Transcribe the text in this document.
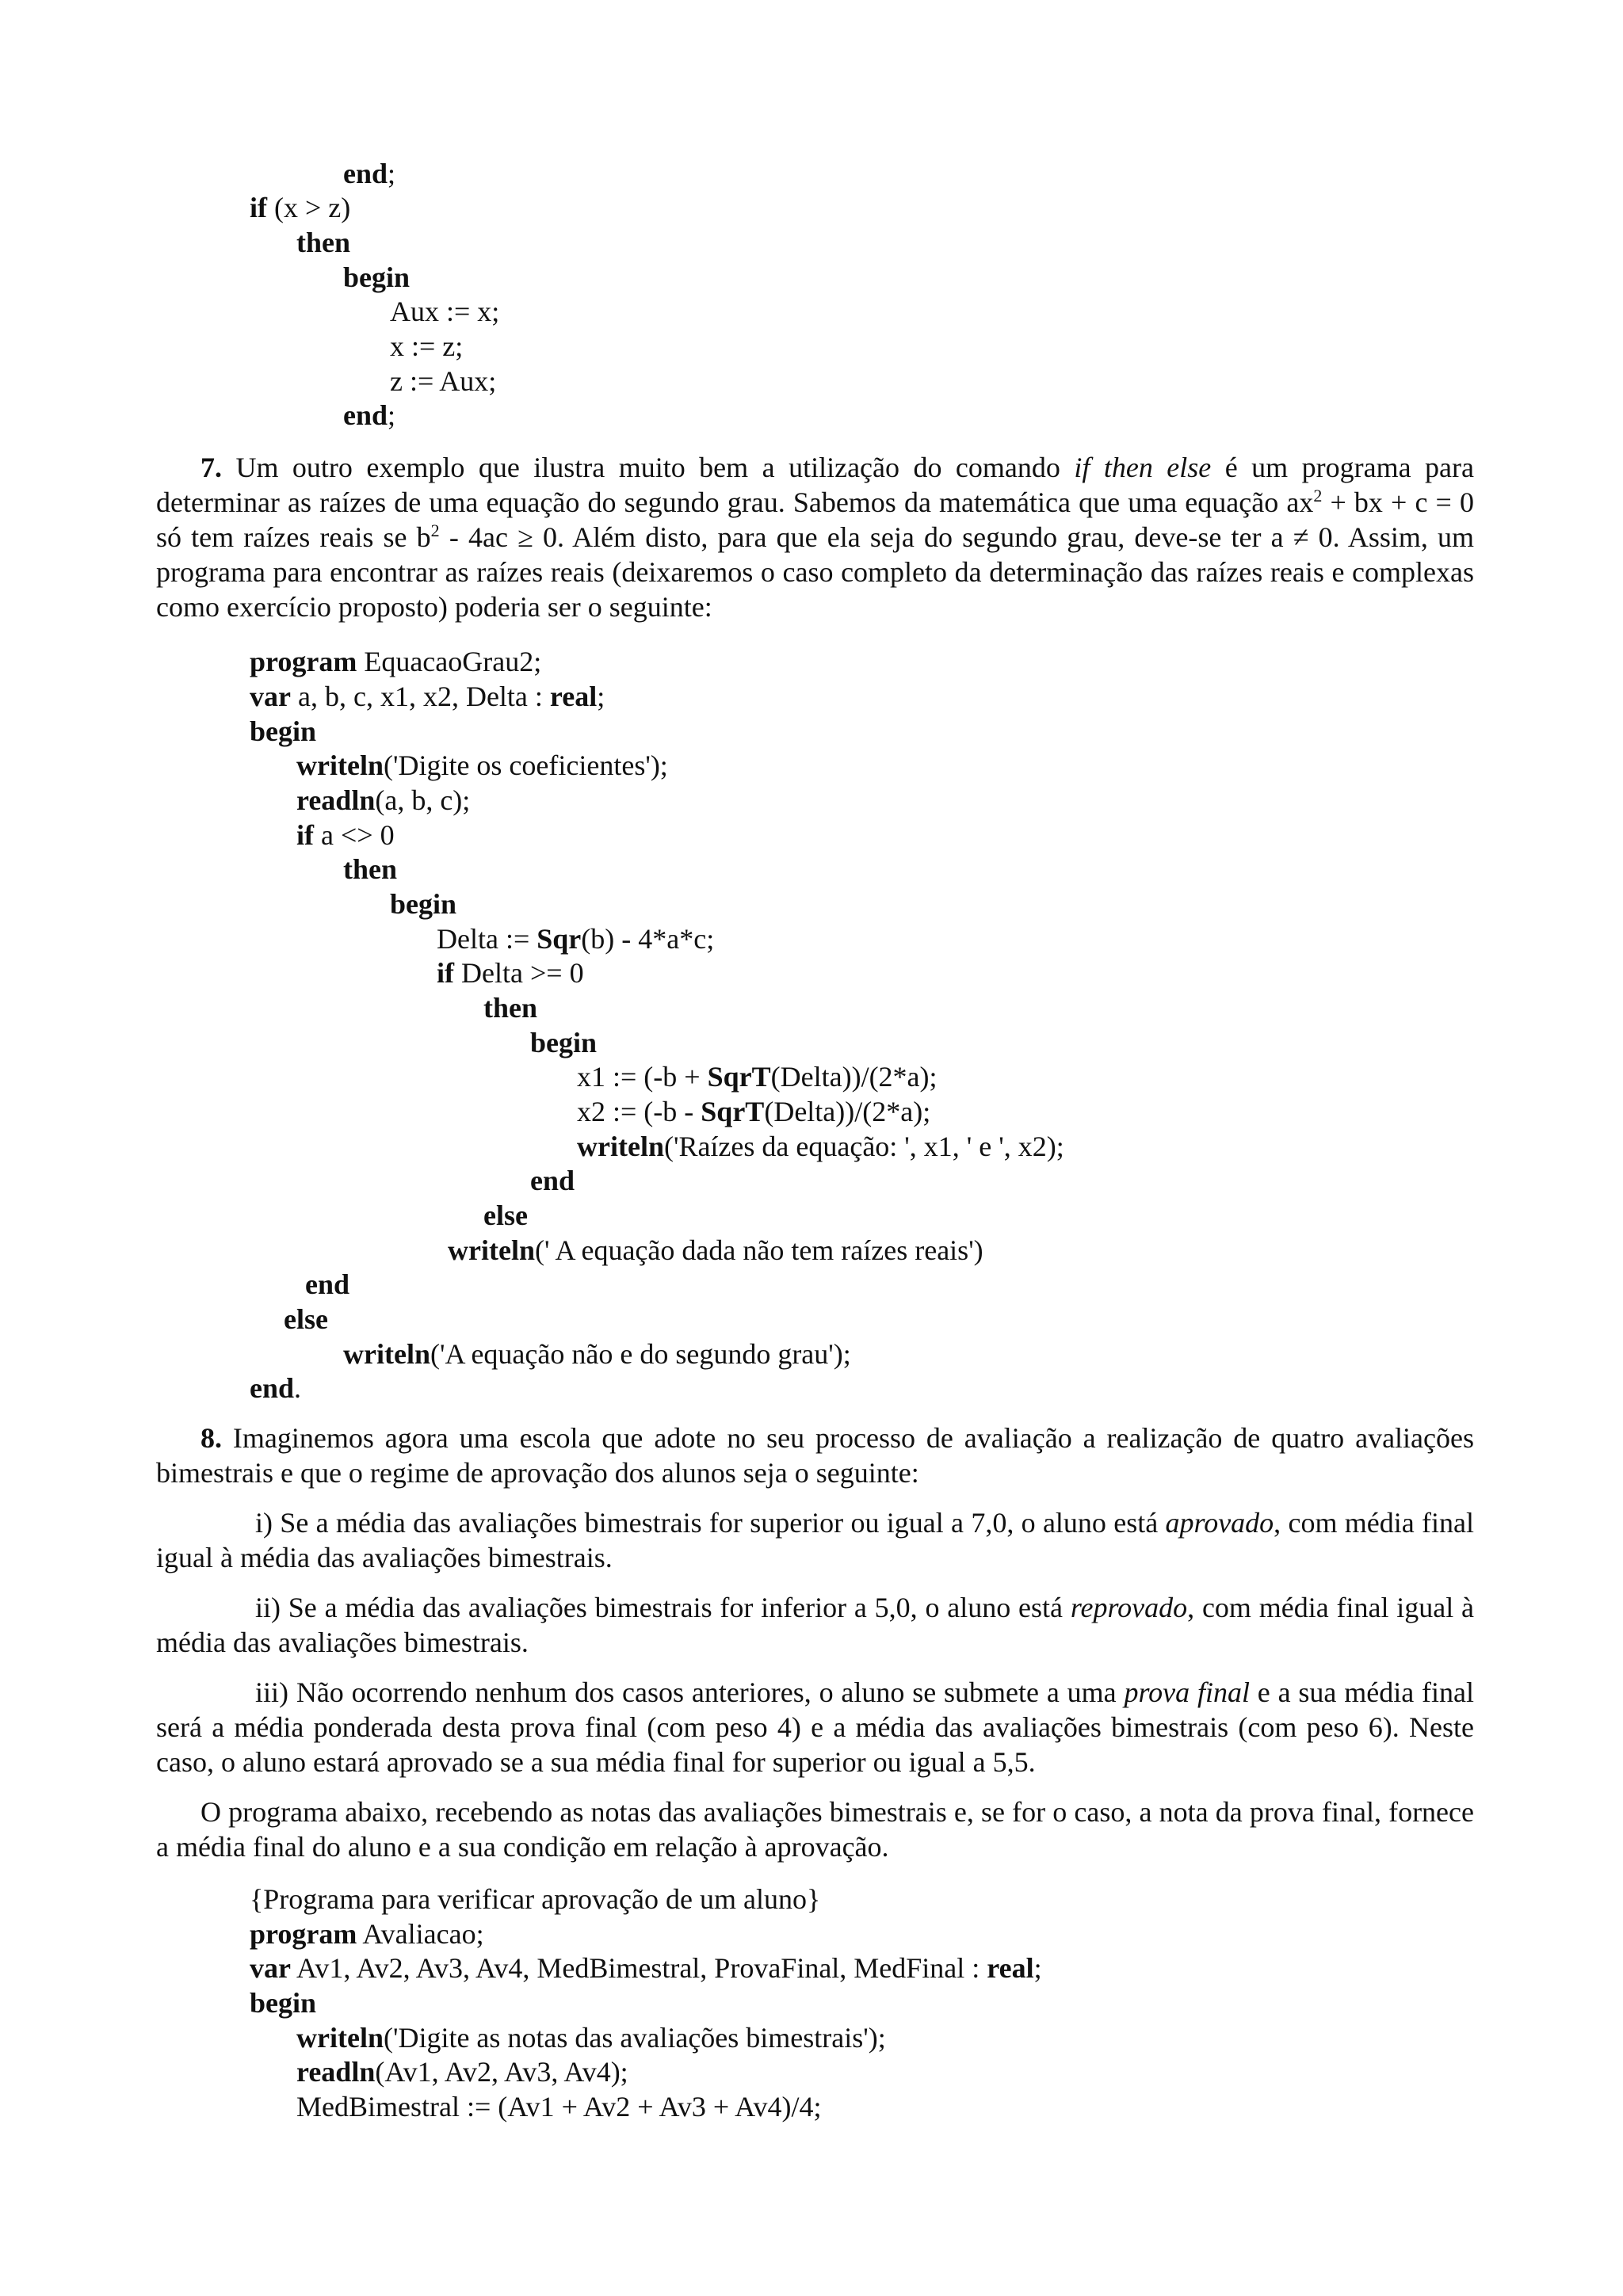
end;
if (x > z)
then
begin
Aux := x;
x := z;
z := Aux;
end;

7. Um outro exemplo que ilustra muito bem a utilização do comando if then else é um programa para determinar as raízes de uma equação do segundo grau. Sabemos da matemática que uma equação $ax^2$ + bx + c = 0 só tem raízes reais se $b^2 - 4ac \ge 0$. Além disto, para que ela seja do segundo grau, deve-se ter a ≠ 0. Assim, um programa para encontrar as raízes reais (deixaremos o caso completo da determinação das raízes reais e complexas como exercício proposto) poderia ser o seguinte:

program EquacaoGrau2;
var a, b, c, x1, x2, Delta : real;
begin
writeln('Digite os coeficientes');
readln(a, b, c);
if a <> 0
then
begin
Delta := Sqr(b) - 4*a*c;
if Delta >= 0
then
begin
x1 := (-b + SqrT(Delta))/(2*a);
x2 := (-b - SqrT(Delta))/(2*a);
writeln('Raízes da equação: ', x1, ' e ', x2);
end
else
writeln(' A equação dada não tem raízes reais')
end
else
writeln('A equação não e do segundo grau');
end.

8. Imaginemos agora uma escola que adote no seu processo de avaliação a realização de quatro avaliações bimestrais e que o regime de aprovação dos alunos seja o seguinte:

i) Se a média das avaliações bimestrais for superior ou igual a 7,0, o aluno está aprovado, com média final igual à média das avaliações bimestrais.

ii) Se a média das avaliações bimestrais for inferior a 5,0, o aluno está reprovado, com média final igual à média das avaliações bimestrais.

iii) Não ocorrendo nenhum dos casos anteriores, o aluno se submete a uma prova final e a sua média final será a média ponderada desta prova final (com peso 4) e a média das avaliações bimestrais (com peso 6). Neste caso, o aluno estará aprovado se a sua média final for superior ou igual a 5,5.

O programa abaixo, recebendo as notas das avaliações bimestrais e, se for o caso, a nota da prova final, fornece a média final do aluno e a sua condição em relação à aprovação.

{Programa para verificar aprovação de um aluno}
program Avaliacao;
var Av1, Av2, Av3, Av4, MedBimestral, ProvaFinal, MedFinal : real;
begin
writeln('Digite as notas das avaliações bimestrais');
readln(Av1, Av2, Av3, Av4);
MedBimestral := (Av1 + Av2 + Av3 + Av4)/4;
